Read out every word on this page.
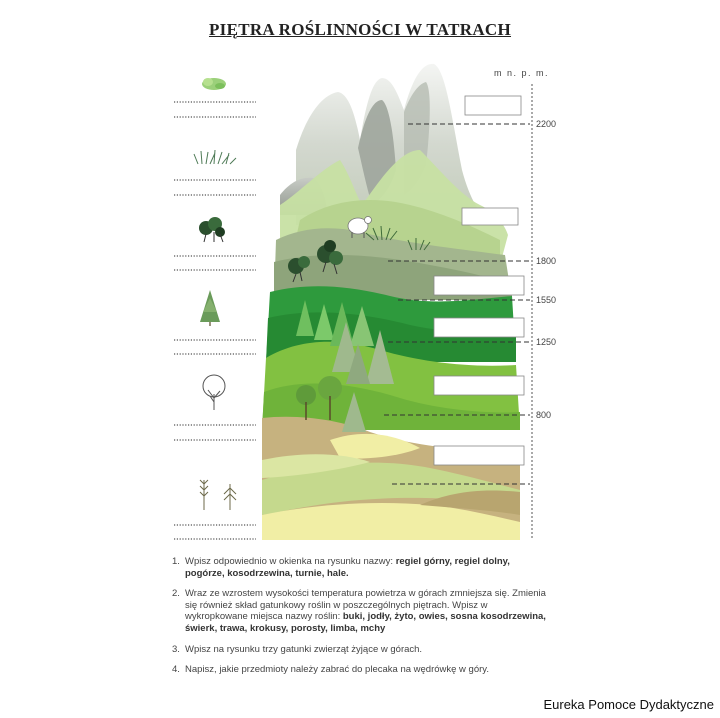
PIĘTRA ROŚLINNOŚCI W TATRACH
m n. p. m.
2200
1800
1550
1250
800
1. Wpisz odpowiednio w okienka na rysunku nazwy: regiel górny, regiel dolny, pogórze, kosodrzewina, turnie, hale.
2. Wraz ze wzrostem wysokości temperatura powietrza w górach zmniejsza się. Zmienia się również skład gatunkowy roślin w poszczególnych piętrach. Wpisz w wykropkowane miejsca nazwy roślin: buki, jodły, żyto, owies, sosna kosodrzewina, świerk, trawa, krokusy, porosty, limba, mchy
3. Wpisz na rysunku trzy gatunki zwierząt żyjące w górach.
4. Napisz, jakie przedmioty należy zabrać do plecaka na wędrówkę w góry.
Eureka Pomoce Dydaktyczne
